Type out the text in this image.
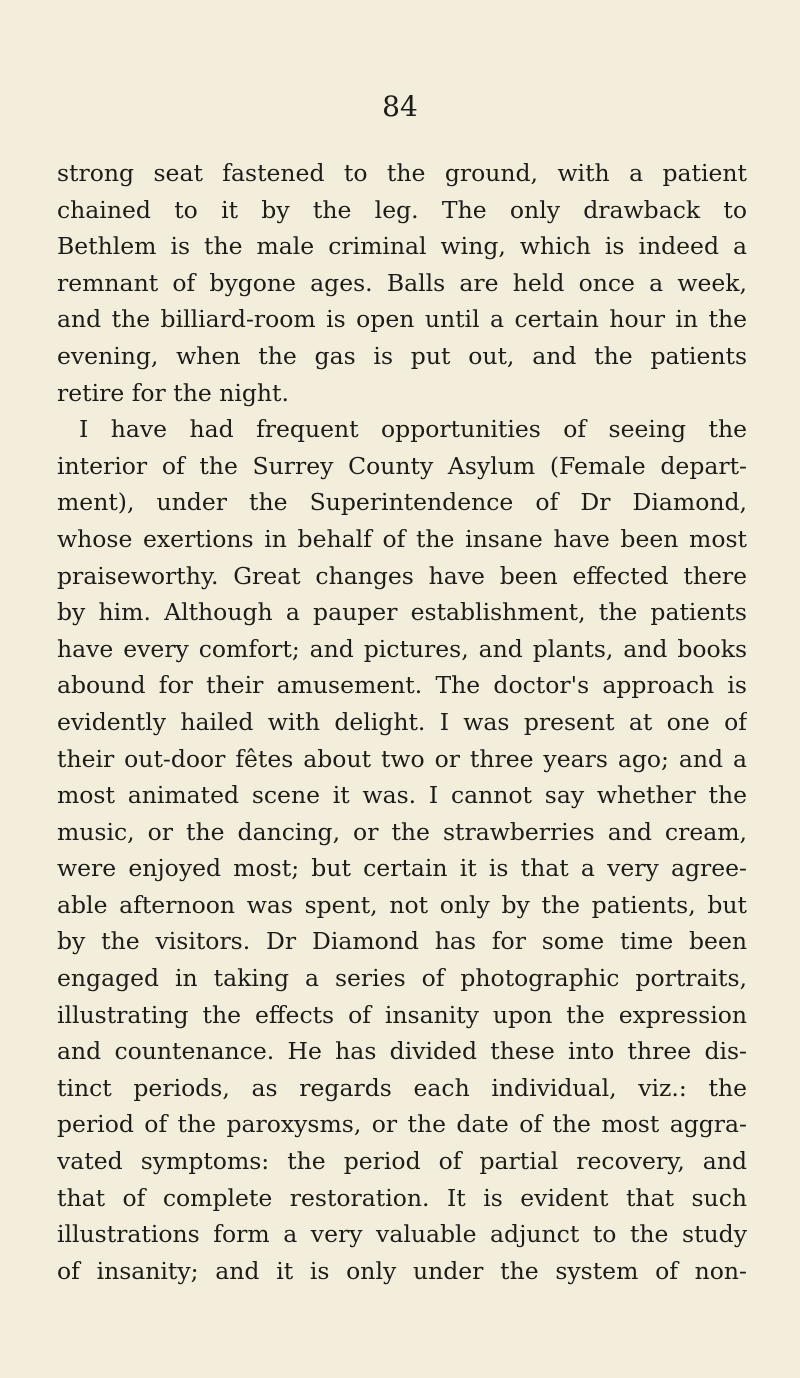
84
strong seat fastened to the ground, with a patient
chained to it by the leg. The only drawback to
Bethlem is the male criminal wing, which is indeed a
remnant of bygone ages. Balls are held once a week,
and the billiard-room is open until a certain hour in the
evening, when the gas is put out, and the patients
retire for the night.
I have had frequent opportunities of seeing the
interior of the Surrey County Asylum (Female depart-
ment), under the Superintendence of Dr Diamond,
whose exertions in behalf of the insane have been most
praiseworthy. Great changes have been effected there
by him. Although a pauper establishment, the patients
have every comfort; and pictures, and plants, and books
abound for their amusement. The doctor's approach is
evidently hailed with delight. I was present at one of
their out-door fêtes about two or three years ago; and a
most animated scene it was. I cannot say whether the
music, or the dancing, or the strawberries and cream,
were enjoyed most; but certain it is that a very agree-
able afternoon was spent, not only by the patients, but
by the visitors. Dr Diamond has for some time been
engaged in taking a series of photographic portraits,
illustrating the effects of insanity upon the expression
and countenance. He has divided these into three dis-
tinct periods, as regards each individual, viz.: the
period of the paroxysms, or the date of the most aggra-
vated symptoms: the period of partial recovery, and
that of complete restoration. It is evident that such
illustrations form a very valuable adjunct to the study
of insanity; and it is only under the system of non-
